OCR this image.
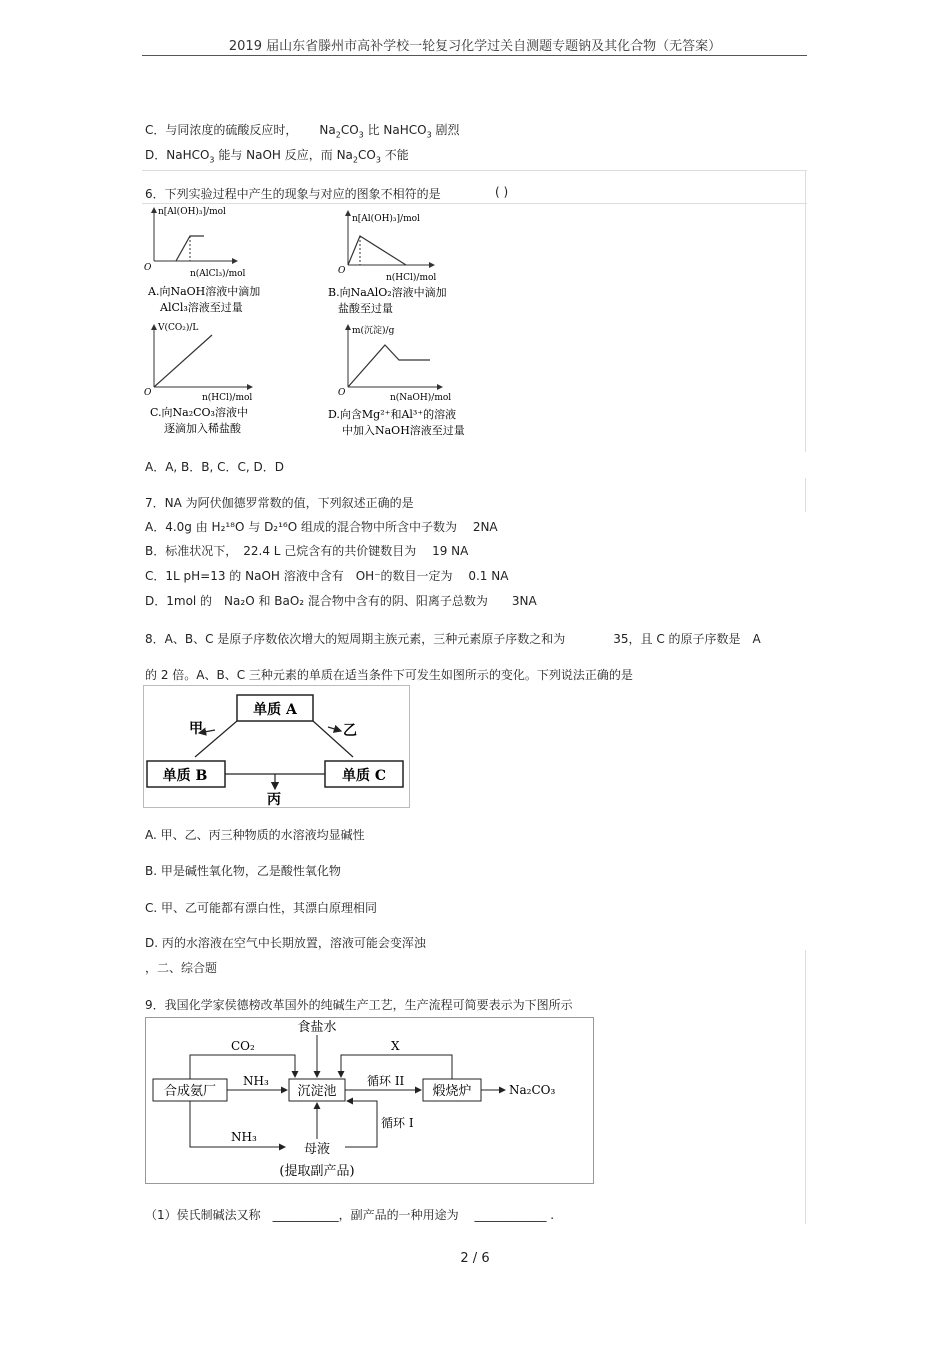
2019 届山东省滕州市高补学校一轮复习化学过关自测题专题钠及其化合物（无答案）
C．与同浓度的硫酸反应时， $Na_2CO_3$ 比 NaHCO$_3$ 剧烈
D．NaHCO$_3$ 能与 NaOH 反应，而 $Na_2CO_3$ 不能
6．下列实验过程中产生的现象与对应的图象不相符的是	( )
n[Al(OH)₃]/mol
O
n(AlCl₃)/mol
A.向NaOH溶液中滴加
AlCl₃溶液至过量
n[Al(OH)₃]/mol
O
n(HCl)/mol
B.向NaAlO₂溶液中滴加
盐酸至过量
V(CO₂)/L
O	n(HCl)/mol
C.向Na₂CO₃溶液中
逐滴加入稀盐酸
m(沉淀)/g
O	n(NaOH)/mol
D.向含Mg²⁺和Al³⁺的溶液
中加入NaOH溶液至过量
A．A, B．B, C．C, D．D
7．NA 为阿伏伽德罗常数的值，下列叙述正确的是
A．4.0g 由 H₂¹⁸O 与 D₂¹⁶O 组成的混合物中所含中子数为　 2NA
B．标准状况下，　22.4 L 己烷含有的共价键数目为　 19 NA
C．1L pH=13 的 NaOH 溶液中含有　OH⁻的数目一定为　 0.1 NA
D．1mol 的　Na₂O 和 BaO₂ 混合物中含有的阴、阳离子总数为　　3NA
8．A、B、C 是原子序数依次增大的短周期主族元素，三种元素原子序数之和为　　　　35，且 C 的原子序数是　A
的 2 倍。A、B、C 三种元素的单质在适当条件下可发生如图所示的变化。下列说法正确的是
单质 A
单质 B	单质 C
甲	乙
丙
A. 甲、乙、丙三种物质的水溶液均显碱性
B. 甲是碱性氧化物，乙是酸性氧化物
C. 甲、乙可能都有漂白性，其漂白原理相同
D. 丙的水溶液在空气中长期放置，溶液可能会变浑浊
，二、综合题
9．我国化学家侯德榜改革国外的纯碱生产工艺，生产流程可简要表示为下图所示
合成氨厂	沉淀池	煅烧炉
食盐水
CO₂
NH₃
X
循环 II
Na₂CO₃
NH₃
母液
循环 I
(提取副产品)
（1）侯氏制碱法又称　___________，副产品的一种用途为　 ____________ .
2 / 6
